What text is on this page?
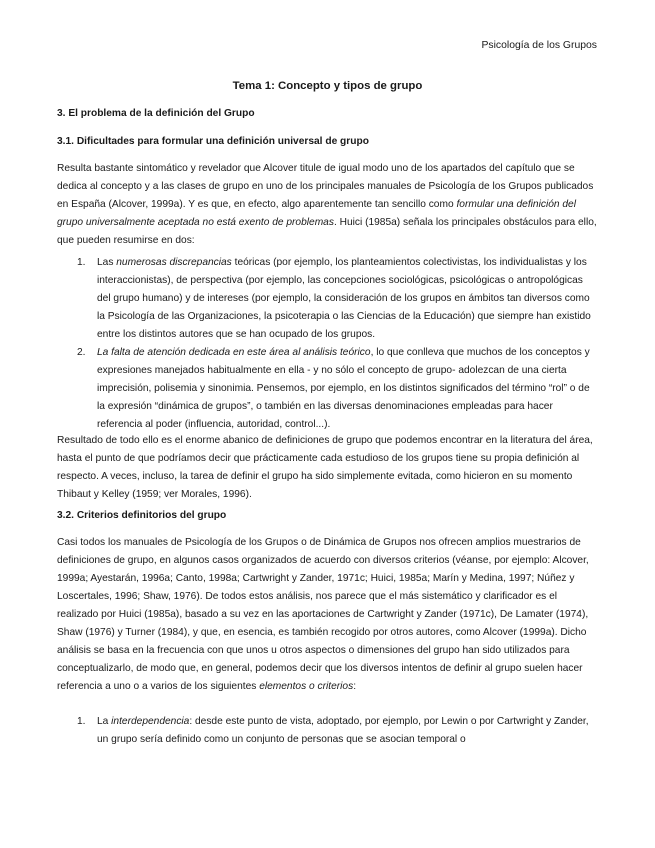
Psicología de los Grupos
Tema 1: Concepto y tipos de grupo
3. El problema de la definición del Grupo
3.1. Dificultades para formular una definición universal de grupo
Resulta bastante sintomático y revelador que Alcover titule de igual modo uno de los apartados del capítulo que se dedica al concepto y a las clases de grupo en uno de los principales manuales de Psicología de los Grupos publicados en España (Alcover, 1999a). Y es que, en efecto, algo aparentemente tan sencillo como formular una definición del grupo universalmente aceptada no está exento de problemas. Huici (1985a) señala los principales obstáculos para ello, que pueden resumirse en dos:
1. Las numerosas discrepancias teóricas (por ejemplo, los planteamientos colectivistas, los individualistas y los interaccionistas), de perspectiva (por ejemplo, las concepciones sociológicas, psicológicas o antropológicas del grupo humano) y de intereses (por ejemplo, la consideración de los grupos en ámbitos tan diversos como la Psicología de las Organizaciones, la psicoterapia o las Ciencias de la Educación) que siempre han existido entre los distintos autores que se han ocupado de los grupos.
2. La falta de atención dedicada en este área al análisis teórico, lo que conlleva que muchos de los conceptos y expresiones manejados habitualmente en ella - y no sólo el concepto de grupo- adolezcan de una cierta imprecisión, polisemia y sinonimia. Pensemos, por ejemplo, en los distintos significados del término “rol” o de la expresión “dinámica de grupos”, o también en las diversas denominaciones empleadas para hacer referencia al poder (influencia, autoridad, control...).
Resultado de todo ello es el enorme abanico de definiciones de grupo que podemos encontrar en la literatura del área, hasta el punto de que podríamos decir que prácticamente cada estudioso de los grupos tiene su propia definición al respecto. A veces, incluso, la tarea de definir el grupo ha sido simplemente evitada, como hicieron en su momento Thibaut y Kelley (1959; ver Morales, 1996).
3.2. Criterios definitorios del grupo
Casi todos los manuales de Psicología de los Grupos o de Dinámica de Grupos nos ofrecen amplios muestrarios de definiciones de grupo, en algunos casos organizados de acuerdo con diversos criterios (véanse, por ejemplo: Alcover, 1999a; Ayestarán, 1996a; Canto, 1998a; Cartwright y Zander, 1971c; Huici, 1985a; Marín y Medina, 1997; Núñez y Loscertales, 1996; Shaw, 1976). De todos estos análisis, nos parece que el más sistemático y clarificador es el realizado por Huici (1985a), basado a su vez en las aportaciones de Cartwright y Zander (1971c), De Lamater (1974), Shaw (1976) y Turner (1984), y que, en esencia, es también recogido por otros autores, como Alcover (1999a). Dicho análisis se basa en la frecuencia con que unos u otros aspectos o dimensiones del grupo han sido utilizados para conceptualizarlo, de modo que, en general, podemos decir que los diversos intentos de definir al grupo suelen hacer referencia a uno o a varios de los siguientes elementos o criterios:
1. La interdependencia: desde este punto de vista, adoptado, por ejemplo, por Lewin o por Cartwright y Zander, un grupo sería definido como un conjunto de personas que se asocian temporal o
